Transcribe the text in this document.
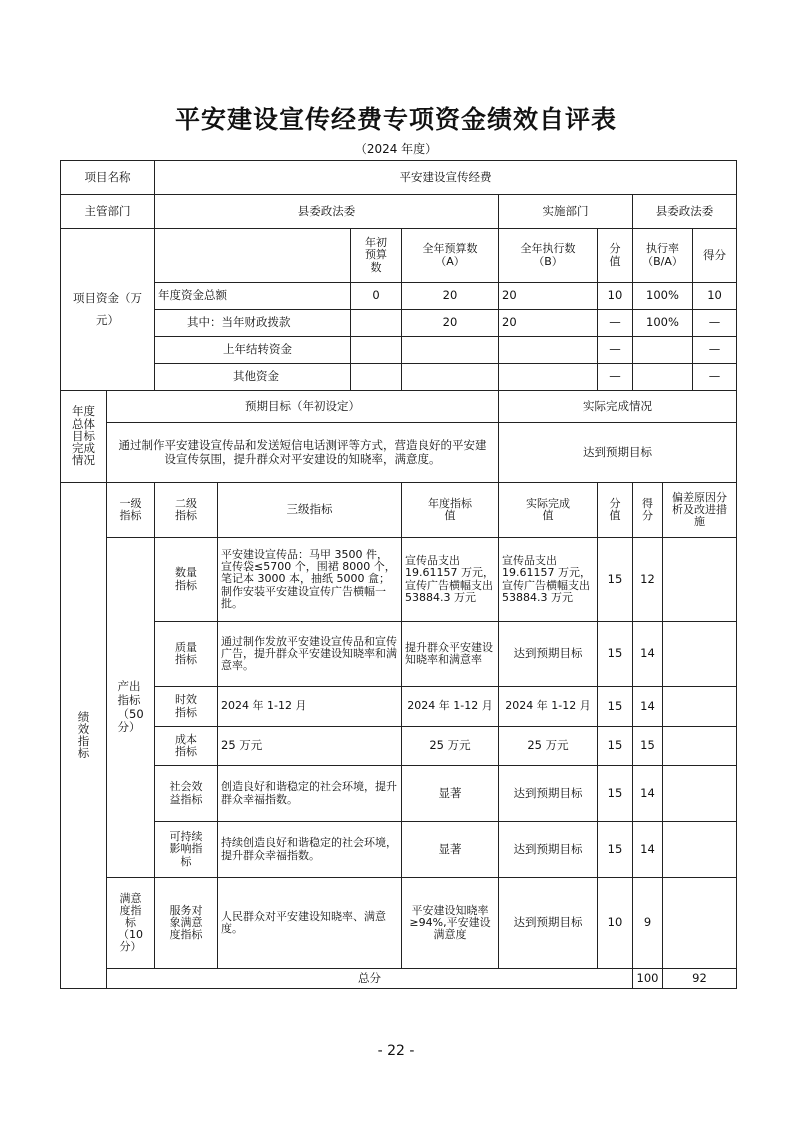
平安建设宣传经费专项资金绩效自评表
（2024 年度）
项目名称	平安建设宣传经费						
主管部门	县委政法委			实施部门		县委政法委	
项目资金（万元）		年初预算数	全年预算数（A）	全年执行数（B）	分值	执行率（B/A）	得分
	年度资金总额	0	20	20	10	100%	10
	其中：当年财政拨款		20	20	—	100%	—
	上年结转资金				—		—
	其他资金				—		—
年度总体目标完成情况	预期目标（年初设定）	实际完成情况
	通过制作平安建设宣传品和发送短信电话测评等方式，营造良好的平安建设宣传氛围，提升群众对平安建设的知晓率，满意度。	达到预期目标
绩效指标	一级指标	二级指标	三级指标	年度指标值	实际完成值	分值	得分	偏差原因分析及改进措施	
	产出指标（50分）	数量指标	平安建设宣传品：马甲 3500 件，宣传袋≤5700 个，围裙 8000 个，笔记本 3000 本，抽纸 5000 盒；制作安装平安建设宣传广告横幅一批。	宣传品支出 19.61157 万元，宣传广告横幅支出 53884.3 万元	宣传品支出 19.61157 万元，宣传广告横幅支出 53884.3 万元	15	12		
		质量指标	通过制作发放平安建设宣传品和宣传广告，提升群众平安建设知晓率和满意率。	提升群众平安建设知晓率和满意率	达到预期目标	15	14		
		时效指标	2024 年 1-12 月	2024 年 1-12 月	2024 年 1-12 月	15	14		
		成本指标	25 万元	25 万元	25 万元	15	15		
		社会效益指标	创造良好和谐稳定的社会环境，提升群众幸福指数。	显著	达到预期目标	15	14		
		可持续影响指标	持续创造良好和谐稳定的社会环境，提升群众幸福指数。	显著	达到预期目标	15	14		
	满意度指标（10分）	服务对象满意度指标	人民群众对平安建设知晓率、满意度。	平安建设知晓率≥94%,平安建设满意度	达到预期目标	10	9		
	总分						100	92	
- 22 -
